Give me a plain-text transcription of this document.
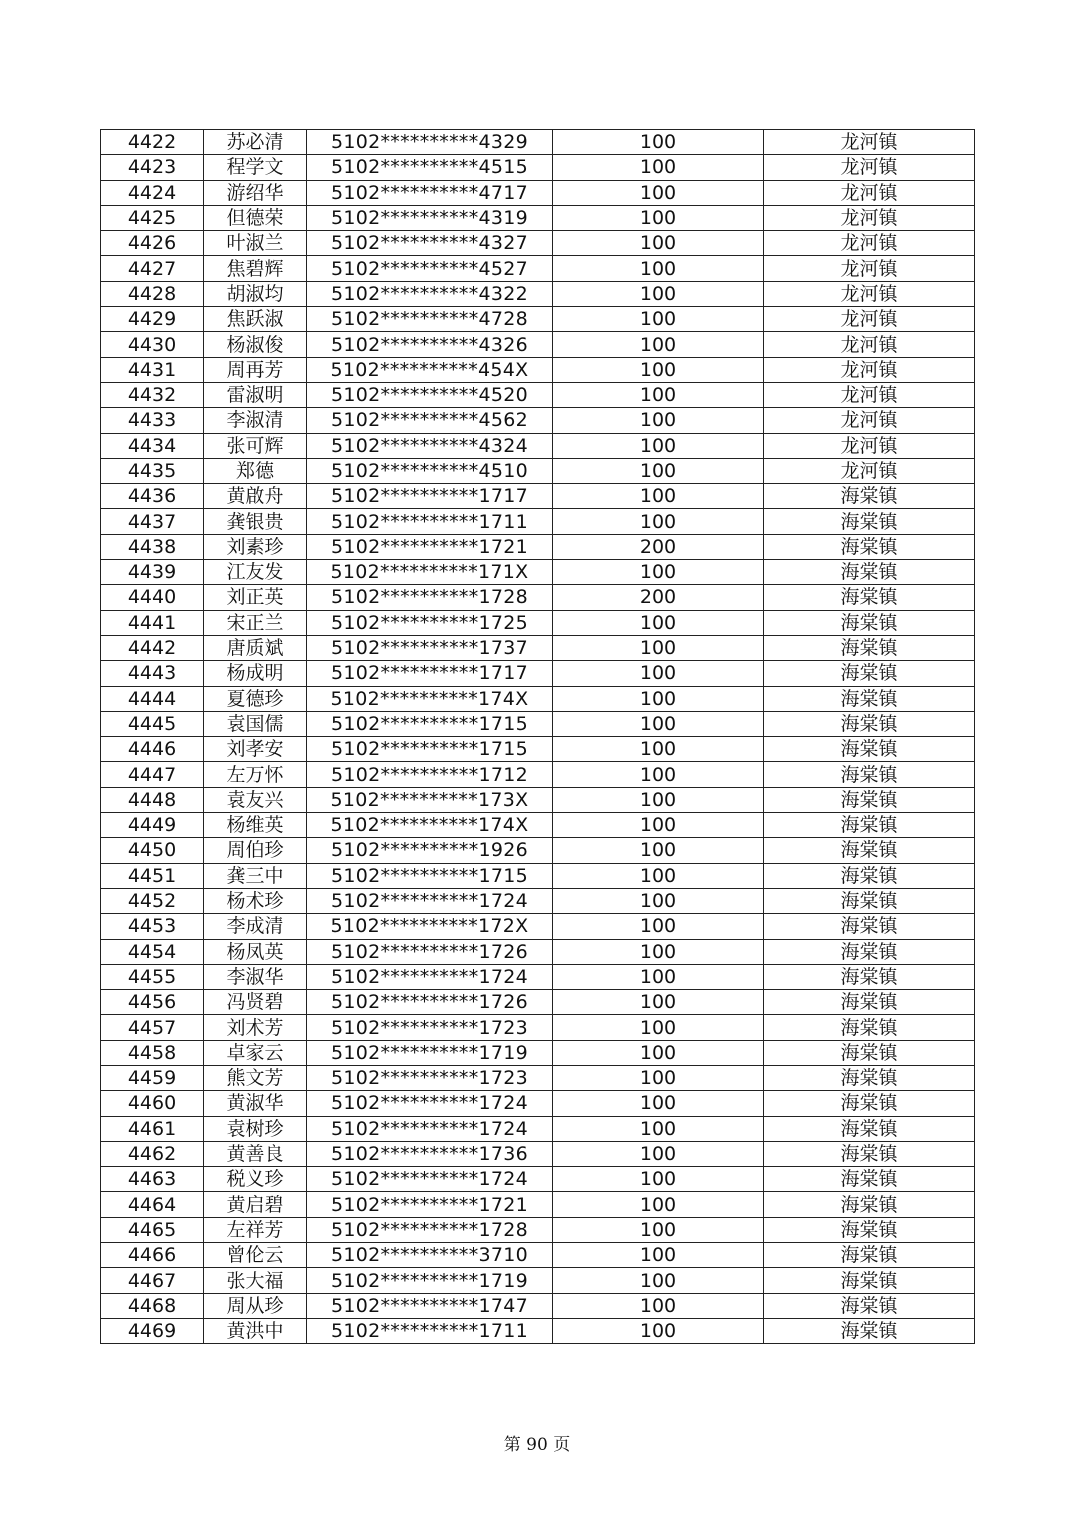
4422	苏必清	5102**********4329	100	龙河镇
4423	程学文	5102**********4515	100	龙河镇
4424	游绍华	5102**********4717	100	龙河镇
4425	但德荣	5102**********4319	100	龙河镇
4426	叶淑兰	5102**********4327	100	龙河镇
4427	焦碧辉	5102**********4527	100	龙河镇
4428	胡淑均	5102**********4322	100	龙河镇
4429	焦跃淑	5102**********4728	100	龙河镇
4430	杨淑俊	5102**********4326	100	龙河镇
4431	周再芳	5102**********454X	100	龙河镇
4432	雷淑明	5102**********4520	100	龙河镇
4433	李淑清	5102**********4562	100	龙河镇
4434	张可辉	5102**********4324	100	龙河镇
4435	郑德	5102**********4510	100	龙河镇
4436	黄啟舟	5102**********1717	100	海棠镇
4437	龚银贵	5102**********1711	100	海棠镇
4438	刘素珍	5102**********1721	200	海棠镇
4439	江友发	5102**********171X	100	海棠镇
4440	刘正英	5102**********1728	200	海棠镇
4441	宋正兰	5102**********1725	100	海棠镇
4442	唐质斌	5102**********1737	100	海棠镇
4443	杨成明	5102**********1717	100	海棠镇
4444	夏德珍	5102**********174X	100	海棠镇
4445	袁国儒	5102**********1715	100	海棠镇
4446	刘孝安	5102**********1715	100	海棠镇
4447	左万怀	5102**********1712	100	海棠镇
4448	袁友兴	5102**********173X	100	海棠镇
4449	杨维英	5102**********174X	100	海棠镇
4450	周伯珍	5102**********1926	100	海棠镇
4451	龚三中	5102**********1715	100	海棠镇
4452	杨术珍	5102**********1724	100	海棠镇
4453	李成清	5102**********172X	100	海棠镇
4454	杨凤英	5102**********1726	100	海棠镇
4455	李淑华	5102**********1724	100	海棠镇
4456	冯贤碧	5102**********1726	100	海棠镇
4457	刘术芳	5102**********1723	100	海棠镇
4458	卓家云	5102**********1719	100	海棠镇
4459	熊文芳	5102**********1723	100	海棠镇
4460	黄淑华	5102**********1724	100	海棠镇
4461	袁树珍	5102**********1724	100	海棠镇
4462	黄善良	5102**********1736	100	海棠镇
4463	税义珍	5102**********1724	100	海棠镇
4464	黄启碧	5102**********1721	100	海棠镇
4465	左祥芳	5102**********1728	100	海棠镇
4466	曾伦云	5102**********3710	100	海棠镇
4467	张大福	5102**********1719	100	海棠镇
4468	周从珍	5102**********1747	100	海棠镇
4469	黄洪中	5102**********1711	100	海棠镇
第 90 页
